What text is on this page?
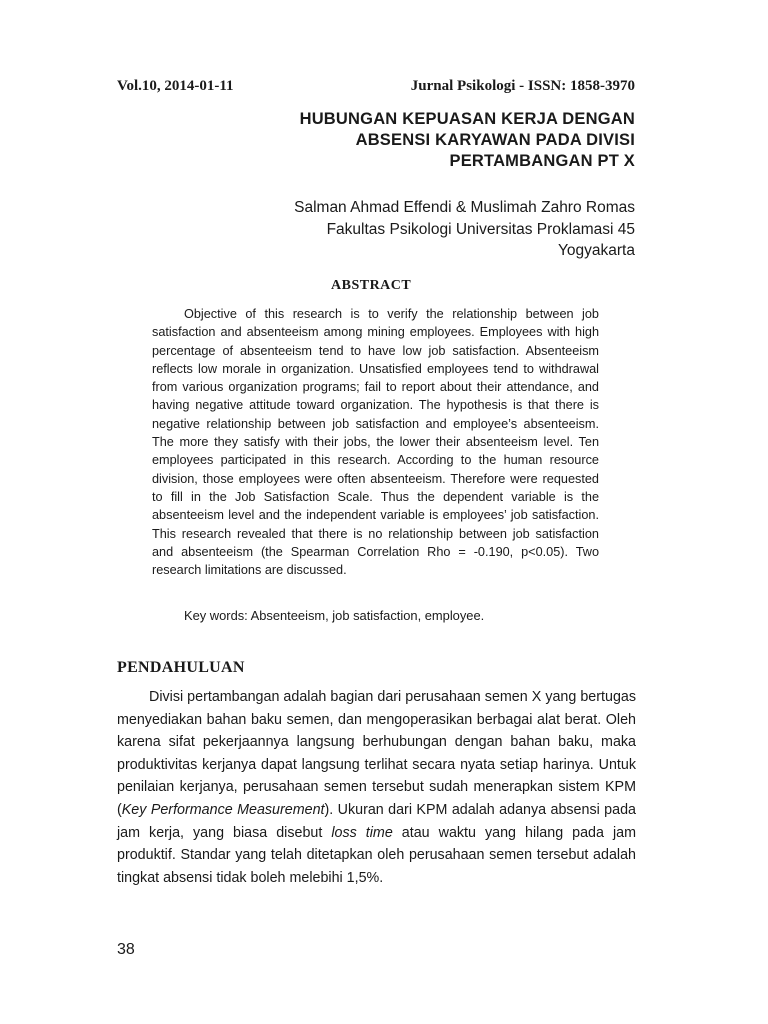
Vol.10, 2014-01-11	Jurnal Psikologi - ISSN: 1858-3970
HUBUNGAN KEPUASAN KERJA DENGAN
ABSENSI KARYAWAN PADA DIVISI
PERTAMBANGAN PT X
Salman Ahmad Effendi & Muslimah Zahro Romas
Fakultas Psikologi Universitas Proklamasi 45
Yogyakarta
ABSTRACT
Objective of this research is to verify the relationship between job satisfaction and absenteeism among mining employees. Employees with high percentage of absenteeism tend to have low job satisfaction. Absenteeism reflects low morale in organization. Unsatisfied employees tend to withdrawal from various organization programs; fail to report about their attendance, and having negative attitude toward organization. The hypothesis is that there is negative relationship between job satisfaction and employee’s absenteeism. The more they satisfy with their jobs, the lower their absenteeism level. Ten employees participated in this research. According to the human resource division, those employees were often absenteeism. Therefore were requested to fill in the Job Satisfaction Scale. Thus the dependent variable is the absenteeism level and the independent variable is employees’ job satisfaction. This research revealed that there is no relationship between job satisfaction and absenteeism (the Spearman Correlation Rho = -0.190, p<0.05). Two research limitations are discussed.
Key words: Absenteeism, job satisfaction, employee.
PENDAHULUAN
Divisi pertambangan adalah bagian dari perusahaan semen X yang bertugas menyediakan bahan baku semen, dan mengoperasikan berbagai alat berat. Oleh karena sifat pekerjaannya langsung berhubungan dengan bahan baku, maka produktivitas kerjanya dapat langsung terlihat secara nyata setiap harinya. Untuk penilaian kerjanya, perusahaan semen tersebut sudah menerapkan sistem KPM (Key Performance Measurement). Ukuran dari KPM adalah adanya absensi pada jam kerja, yang biasa disebut loss time atau waktu yang hilang pada jam produktif. Standar yang telah ditetapkan oleh perusahaan semen tersebut adalah tingkat absensi tidak boleh melebihi 1,5%.
38
